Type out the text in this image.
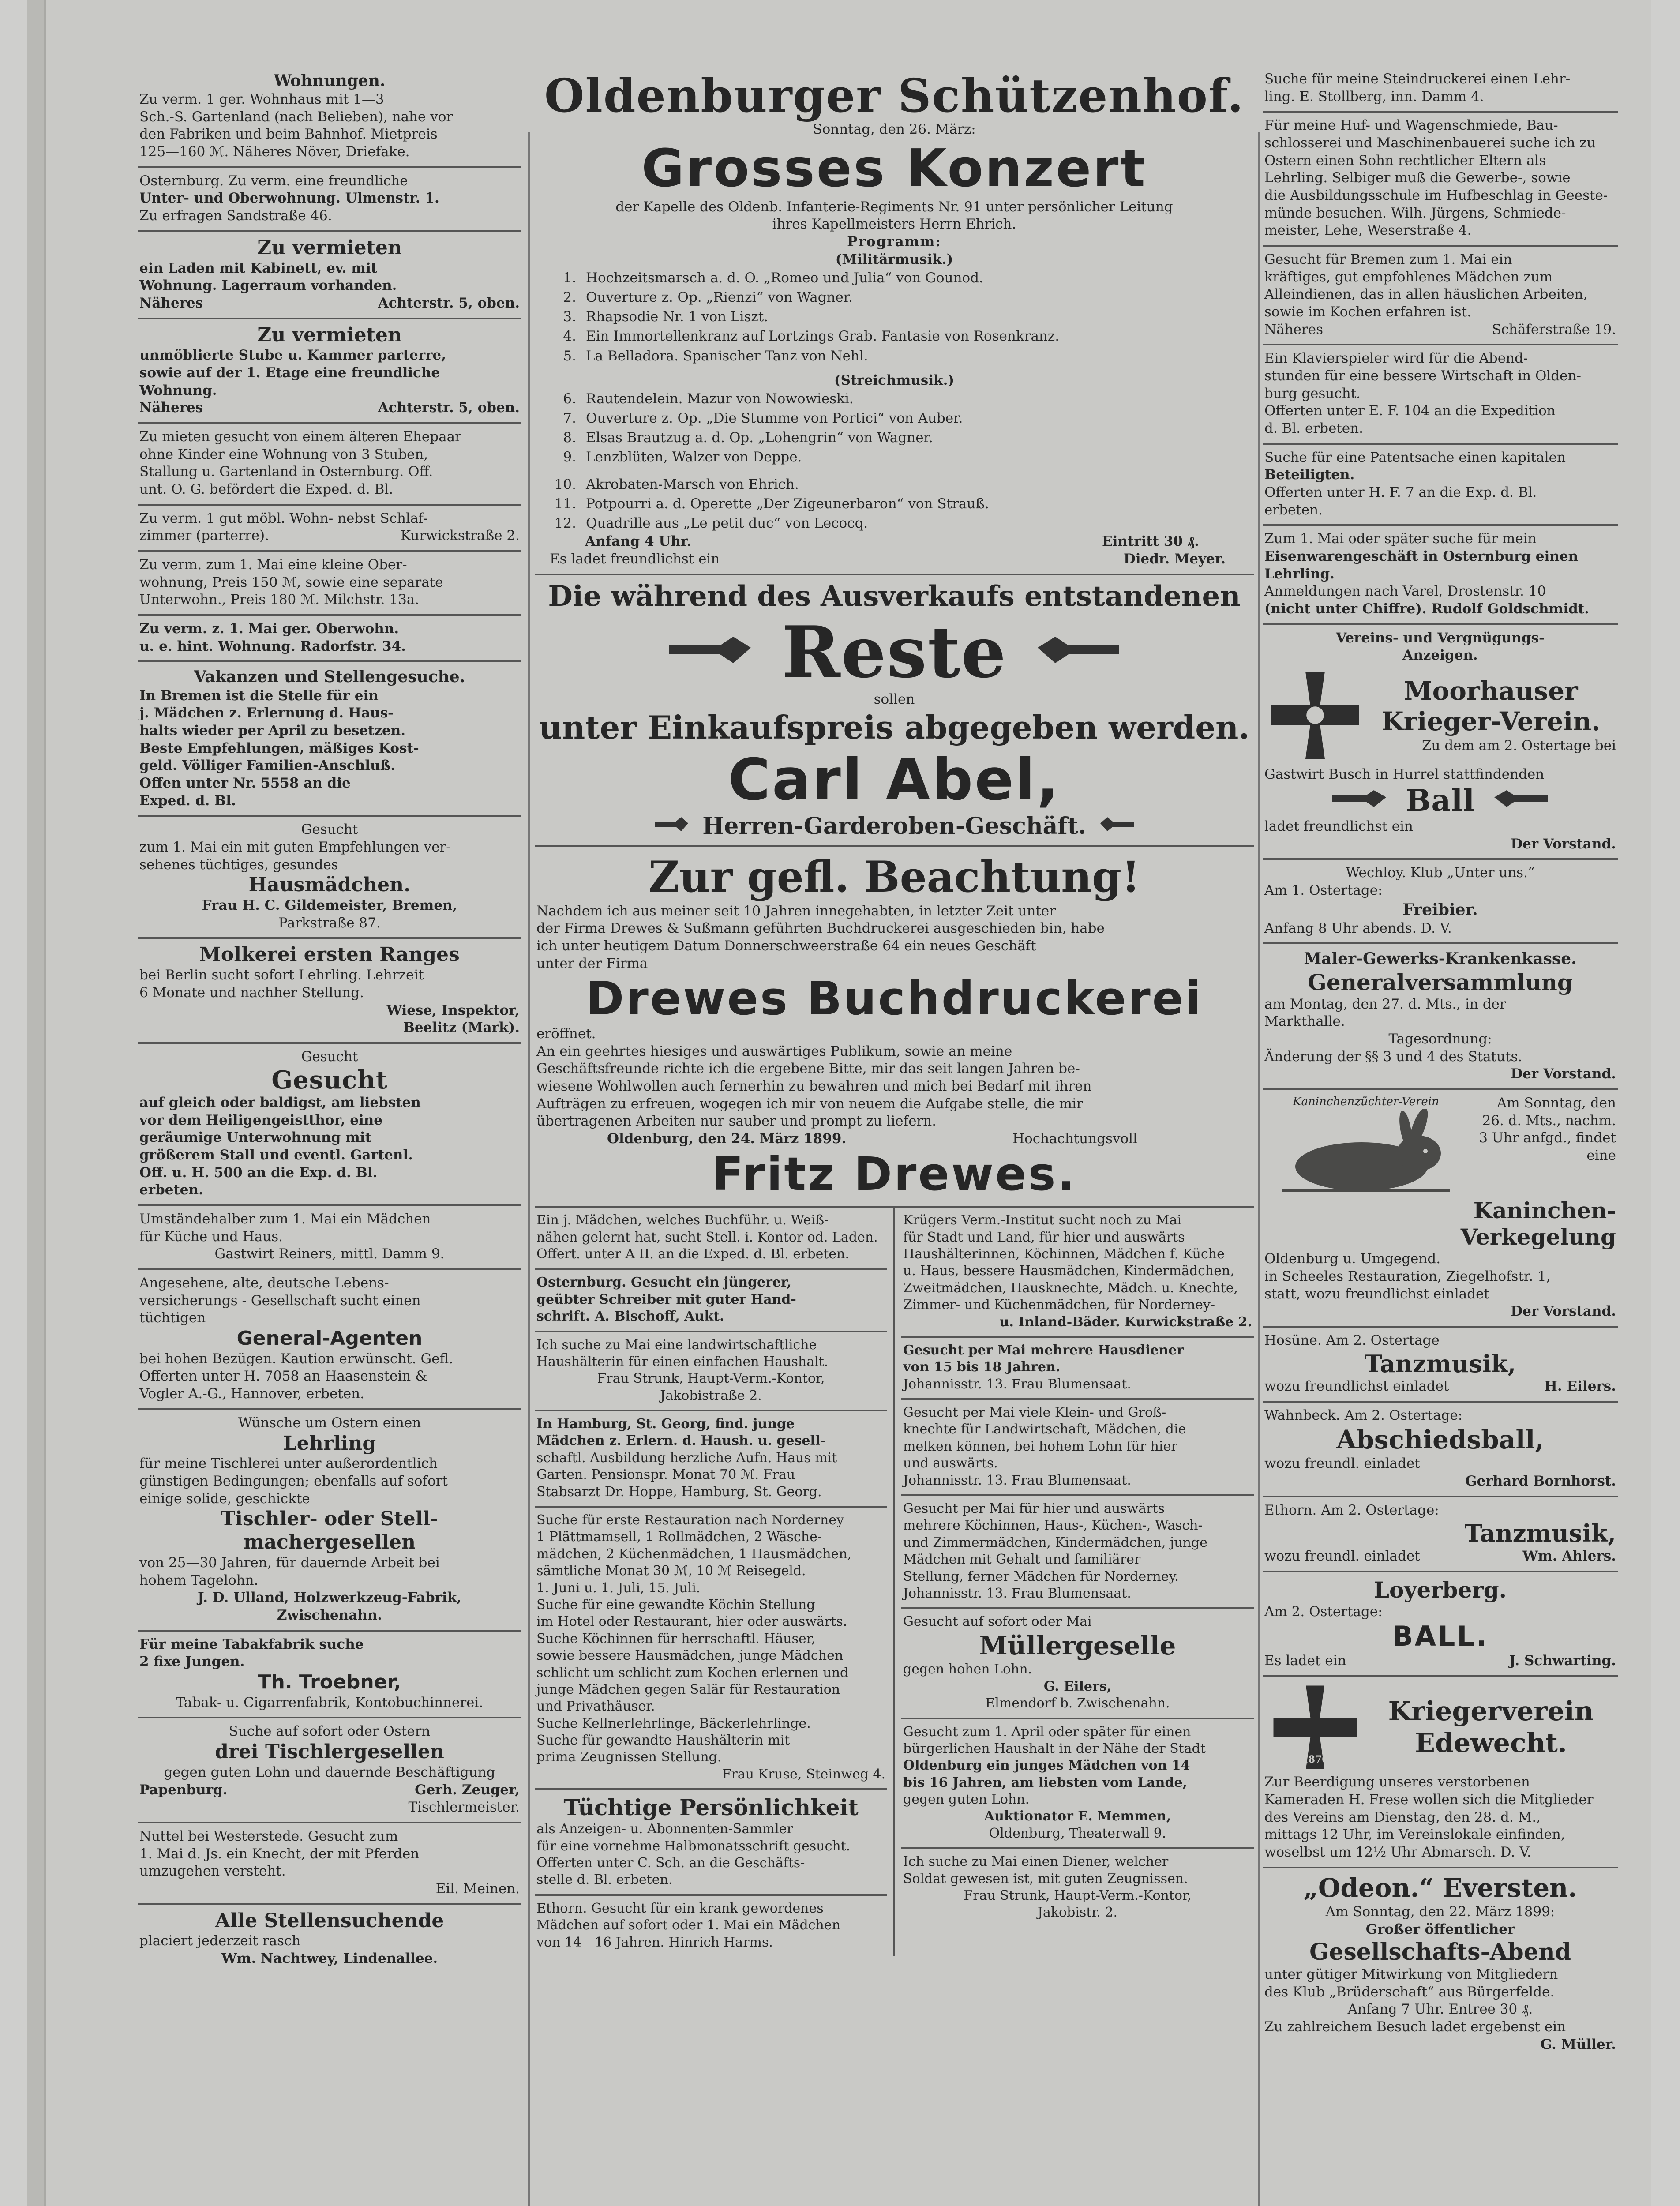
Wohnungen.

Zu verm. 1 ger. Wohnhaus mit 1—3

Sch.-S. Gartenland (nach Belieben), nahe vor

den Fabriken und beim Bahnhof. Mietpreis

125—160 ℳ. Näheres Növer, Driefake.

Osternburg. Zu verm. eine freundliche

Unter- und Oberwohnung. Ulmenstr. 1.

Zu erfragen Sandstraße 46.

Zu vermieten

ein Laden mit Kabinett, ev. mit

Wohnung. Lagerraum vorhanden.

Näheres	Achterstr. 5, oben.
Zu vermieten

unmöblierte Stube u. Kammer parterre,

sowie auf der 1. Etage eine freundliche

Wohnung.

Näheres	Achterstr. 5, oben.

Zu mieten gesucht von einem älteren Ehepaar

ohne Kinder eine Wohnung von 3 Stuben,

Stallung u. Gartenland in Osternburg. Off.

unt. O. G. befördert die Exped. d. Bl.

Zu verm. 1 gut möbl. Wohn- nebst Schlaf-

zimmer (parterre).	Kurwickstraße 2.

Zu verm. zum 1. Mai eine kleine Ober-

wohnung, Preis 150 ℳ, sowie eine separate

Unterwohn., Preis 180 ℳ. Milchstr. 13a.

Zu verm. z. 1. Mai ger. Oberwohn.

u. e. hint. Wohnung. Radorfstr. 34.

Vakanzen und Stellengesuche.

In Bremen ist die Stelle für ein

j. Mädchen z. Erlernung d. Haus-

halts wieder per April zu besetzen.

Beste Empfehlungen, mäßiges Kost-

geld. Völliger Familien-Anschluß.

Offen unter Nr. 5558 an die

Exped. d. Bl.

Gesucht

zum 1. Mai ein mit guten Empfehlungen ver-

sehenes tüchtiges, gesundes

Hausmädchen.

Frau H. C. Gildemeister, Bremen,

Parkstraße 87.

Molkerei ersten Ranges

bei Berlin sucht sofort Lehrling. Lehrzeit

6 Monate und nachher Stellung.

Wiese, Inspektor,

Beelitz (Mark).

Gesucht

Gesucht

auf gleich oder baldigst, am liebsten

vor dem Heiligengeistthor, eine

geräumige Unterwohnung mit

größerem Stall und eventl. Gartenl.

Off. u. H. 500 an die Exp. d. Bl.

erbeten.

Umständehalber zum 1. Mai ein Mädchen

für Küche und Haus.

Gastwirt Reiners, mittl. Damm 9.

Angesehene, alte, deutsche Lebens-

versicherungs - Gesellschaft sucht einen

tüchtigen

General-Agenten

bei hohen Bezügen. Kaution erwünscht. Gefl.

Offerten unter H. 7058 an Haasenstein &

Vogler A.-G., Hannover, erbeten.

Wünsche um Ostern einen

Lehrling

für meine Tischlerei unter außerordentlich

günstigen Bedingungen; ebenfalls auf sofort

einige solide, geschickte

Tischler- oder Stell-
machergesellen

von 25—30 Jahren, für dauernde Arbeit bei

hohem Tagelohn.

J. D. Ulland, Holzwerkzeug-Fabrik,

Zwischenahn.

Für meine Tabakfabrik suche

2 fixe Jungen.

Th. Troebner,

Tabak- u. Cigarrenfabrik, Kontobuchinnerei.

Suche auf sofort oder Ostern

drei Tischlergesellen

gegen guten Lohn und dauernde Beschäftigung

Papenburg.	Gerh. Zeuger,

Tischlermeister.

Nuttel bei Westerstede. Gesucht zum

1. Mai d. Js. ein Knecht, der mit Pferden

umzugehen versteht.

Eil. Meinen.

Alle Stellensuchende

placiert jederzeit rasch

Wm. Nachtwey, Lindenallee.

Oldenburger Schützenhof.

Sonntag, den 26. März:

Grosses Konzert

der Kapelle des Oldenb. Infanterie-Regiments Nr. 91 unter persönlicher Leitung

ihres Kapellmeisters Herrn Ehrich.

Programm:

(Militärmusik.)

1. Hochzeitsmarsch a. d. O. „Romeo und Julia“ von Gounod.
2. Ouverture z. Op. „Rienzi“ von Wagner.
3. Rhapsodie Nr. 1 von Liszt.
4. Ein Immortellenkranz auf Lortzings Grab. Fantasie von Rosenkranz.
5. La Belladora. Spanischer Tanz von Nehl.

(Streichmusik.)

6. Rautendelein. Mazur von Nowowieski.
7. Ouverture z. Op. „Die Stumme von Portici“ von Auber.
8. Elsas Brautzug a. d. Op. „Lohengrin“ von Wagner.
9. Lenzblüten, Walzer von Deppe.
10. Akrobaten-Marsch von Ehrich.
11. Potpourri a. d. Operette „Der Zigeunerbaron“ von Strauß.
12. Quadrille aus „Le petit duc“ von Lecocq.
Anfang 4 Uhr.	Eintritt 30 ₰.
Es ladet freundlichst ein	Diedr. Meyer.
Die während des Ausverkaufs entstandenen
Reste

sollen

unter Einkaufspreis abgegeben werden.
Carl Abel,
Herren-Garderoben-Geschäft.
Zur gefl. Beachtung!

Nachdem ich aus meiner seit 10 Jahren innegehabten, in letzter Zeit unter

der Firma Drewes & Sußmann geführten Buchdruckerei ausgeschieden bin, habe

ich unter heutigem Datum Donnerschweerstraße 64 ein neues Geschäft

unter der Firma

Drewes Buchdruckerei

eröffnet.

An ein geehrtes hiesiges und auswärtiges Publikum, sowie an meine

Geschäftsfreunde richte ich die ergebene Bitte, mir das seit langen Jahren be-

wiesene Wohlwollen auch fernerhin zu bewahren und mich bei Bedarf mit ihren

Aufträgen zu erfreuen, wogegen ich mir von neuem die Aufgabe stelle, die mir

übertragenen Arbeiten nur sauber und prompt zu liefern.

Oldenburg, den 24. März 1899.	Hochachtungsvoll
Fritz Drewes.

Ein j. Mädchen, welches Buchführ. u. Weiß-

nähen gelernt hat, sucht Stell. i. Kontor od. Laden.

Offert. unter A II. an die Exped. d. Bl. erbeten.

Osternburg. Gesucht ein jüngerer,

geübter Schreiber mit guter Hand-

schrift. A. Bischoff, Aukt.

Ich suche zu Mai eine landwirtschaftliche

Haushälterin für einen einfachen Haushalt.

Frau Strunk, Haupt-Verm.-Kontor,

Jakobistraße 2.

In Hamburg, St. Georg, find. junge

Mädchen z. Erlern. d. Haush. u. gesell-

schaftl. Ausbildung herzliche Aufn. Haus mit

Garten. Pensionspr. Monat 70 ℳ. Frau

Stabsarzt Dr. Hoppe, Hamburg, St. Georg.

Suche für erste Restauration nach Norderney

1 Plättmamsell, 1 Rollmädchen, 2 Wäsche-

mädchen, 2 Küchenmädchen, 1 Hausmädchen,

sämtliche Monat 30 ℳ, 10 ℳ Reisegeld.

1. Juni u. 1. Juli, 15. Juli.

Suche für eine gewandte Köchin Stellung

im Hotel oder Restaurant, hier oder auswärts.

Suche Köchinnen für herrschaftl. Häuser,

sowie bessere Hausmädchen, junge Mädchen

schlicht um schlicht zum Kochen erlernen und

junge Mädchen gegen Salär für Restauration

und Privathäuser.

Suche Kellnerlehrlinge, Bäckerlehrlinge.

Suche für gewandte Haushälterin mit

prima Zeugnissen Stellung.

Frau Kruse, Steinweg 4.

Tüchtige Persönlichkeit

als Anzeigen- u. Abonnenten-Sammler

für eine vornehme Halbmonatsschrift gesucht.

Offerten unter C. Sch. an die Geschäfts-

stelle d. Bl. erbeten.

Ethorn. Gesucht für ein krank gewordenes

Mädchen auf sofort oder 1. Mai ein Mädchen

von 14—16 Jahren. Hinrich Harms.

Krügers Verm.-Institut sucht noch zu Mai

für Stadt und Land, für hier und auswärts

Haushälterinnen, Köchinnen, Mädchen f. Küche

u. Haus, bessere Hausmädchen, Kindermädchen,

Zweitmädchen, Hausknechte, Mädch. u. Knechte,

Zimmer- und Küchenmädchen, für Norderney-

u. Inland-Bäder. Kurwickstraße 2.

Gesucht per Mai mehrere Hausdiener

von 15 bis 18 Jahren.

Johannisstr. 13. Frau Blumensaat.

Gesucht per Mai viele Klein- und Groß-

knechte für Landwirtschaft, Mädchen, die

melken können, bei hohem Lohn für hier

und auswärts.

Johannisstr. 13. Frau Blumensaat.

Gesucht per Mai für hier und auswärts

mehrere Köchinnen, Haus-, Küchen-, Wasch-

und Zimmermädchen, Kindermädchen, junge

Mädchen mit Gehalt und familiärer

Stellung, ferner Mädchen für Norderney.

Johannisstr. 13. Frau Blumensaat.

Gesucht auf sofort oder Mai

Müllergeselle

gegen hohen Lohn.

G. Eilers,

Elmendorf b. Zwischenahn.

Gesucht zum 1. April oder später für einen

bürgerlichen Haushalt in der Nähe der Stadt

Oldenburg ein junges Mädchen von 14

bis 16 Jahren, am liebsten vom Lande,

gegen guten Lohn.

Auktionator E. Memmen,

Oldenburg, Theaterwall 9.

Ich suche zu Mai einen Diener, welcher

Soldat gewesen ist, mit guten Zeugnissen.

Frau Strunk, Haupt-Verm.-Kontor,

Jakobistr. 2.

Suche für meine Steindruckerei einen Lehr-

ling. E. Stollberg, inn. Damm 4.

Für meine Huf- und Wagenschmiede, Bau-

schlosserei und Maschinenbauerei suche ich zu

Ostern einen Sohn rechtlicher Eltern als

Lehrling. Selbiger muß die Gewerbe-, sowie

die Ausbildungsschule im Hufbeschlag in Geeste-

münde besuchen. Wilh. Jürgens, Schmiede-

meister, Lehe, Weserstraße 4.

Gesucht für Bremen zum 1. Mai ein

kräftiges, gut empfohlenes Mädchen zum

Alleindienen, das in allen häuslichen Arbeiten,

sowie im Kochen erfahren ist.

Näheres	Schäferstraße 19.

Ein Klavierspieler wird für die Abend-

stunden für eine bessere Wirtschaft in Olden-

burg gesucht.

Offerten unter E. F. 104 an die Expedition

d. Bl. erbeten.

Suche für eine Patentsache einen kapitalen

Beteiligten.

Offerten unter H. F. 7 an die Exp. d. Bl.

erbeten.

Zum 1. Mai oder später suche für mein

Eisenwarengeschäft in Osternburg einen

Lehrling.

Anmeldungen nach Varel, Drostenstr. 10

(nicht unter Chiffre). Rudolf Goldschmidt.

Vereins- und Vergnügungs-

Anzeigen.

Moorhauser
Krieger-Verein.

Zu dem am 2. Ostertage bei

Gastwirt Busch in Hurrel stattfindenden

Ball

ladet freundlichst ein

Der Vorstand.

Wechloy. Klub „Unter uns.“

Am 1. Ostertage:

Freibier.

Anfang 8 Uhr abends. D. V.

Maler-Gewerks-Krankenkasse.
Generalversammlung

am Montag, den 27. d. Mts., in der

Markthalle.

Tagesordnung:

Änderung der §§ 3 und 4 des Statuts.

Der Vorstand.

Kaninchenzüchter-Verein	Am Sonntag, den

26. d. Mts., nachm.

3 Uhr anfgd., findet

eine

Kaninchen-
Verkegelung

Oldenburg u. Umgegend.

in Scheeles Restauration, Ziegelhofstr. 1,

statt, wozu freundlichst einladet

Der Vorstand.

Hosüne. Am 2. Ostertage

Tanzmusik,
wozu freundlichst einladet	H. Eilers.

Wahnbeck. Am 2. Ostertage:

Abschiedsball,

wozu freundl. einladet

Gerhard Bornhorst.

Ethorn. Am 2. Ostertage:

Tanzmusik,
wozu freundl. einladet	Wm. Ahlers.
Loyerberg.

Am 2. Ostertage:

BALL.
Es ladet ein	J. Schwarting.
1870
Kriegerverein
Edewecht.

Zur Beerdigung unseres verstorbenen

Kameraden H. Frese wollen sich die Mitglieder

des Vereins am Dienstag, den 28. d. M.,

mittags 12 Uhr, im Vereinslokale einfinden,

woselbst um 12½ Uhr Abmarsch. D. V.

„Odeon.“ Eversten.

Am Sonntag, den 22. März 1899:

Großer öffentlicher

Gesellschafts-Abend

unter gütiger Mitwirkung von Mitgliedern

des Klub „Brüderschaft“ aus Bürgerfelde.

Anfang 7 Uhr. Entree 30 ₰.

Zu zahlreichem Besuch ladet ergebenst ein

G. Müller.
